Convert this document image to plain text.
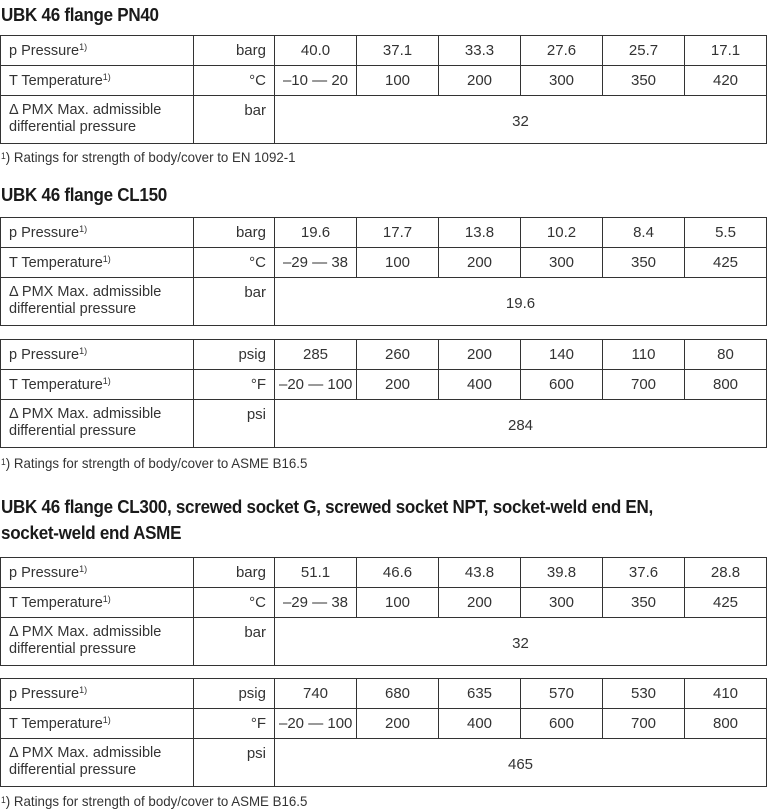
UBK 46 flange PN40
p Pressure$^{1)}$	barg	40.0	37.1	33.3	27.6	25.7	17.1
T Temperature$^{1)}$	°C	–10 — 20	100	200	300	350	420
Δ PMX Max. admissible differential pressure	bar	32					
$^1$) Ratings for strength of body/cover to EN 1092-1
UBK 46 flange CL150
p Pressure$^{1)}$	barg	19.6	17.7	13.8	10.2	8.4	5.5
T Temperature$^{1)}$	°C	–29 — 38	100	200	300	350	425
Δ PMX Max. admissible differential pressure	bar	19.6					
p Pressure$^{1)}$	psig	285	260	200	140	110	80
T Temperature$^{1)}$	°F	–20 — 100	200	400	600	700	800
Δ PMX Max. admissible differential pressure	psi	284					
$^1$) Ratings for strength of body/cover to ASME B16.5
UBK 46 flange CL300, screwed socket G, screwed socket NPT, socket-weld end EN, socket-weld end ASME
p Pressure$^{1)}$	barg	51.1	46.6	43.8	39.8	37.6	28.8
T Temperature$^{1)}$	°C	–29 — 38	100	200	300	350	425
Δ PMX Max. admissible differential pressure	bar	32					
p Pressure$^{1)}$	psig	740	680	635	570	530	410
T Temperature$^{1)}$	°F	–20 — 100	200	400	600	700	800
Δ PMX Max. admissible differential pressure	psi	465					
$^1$) Ratings for strength of body/cover to ASME B16.5
